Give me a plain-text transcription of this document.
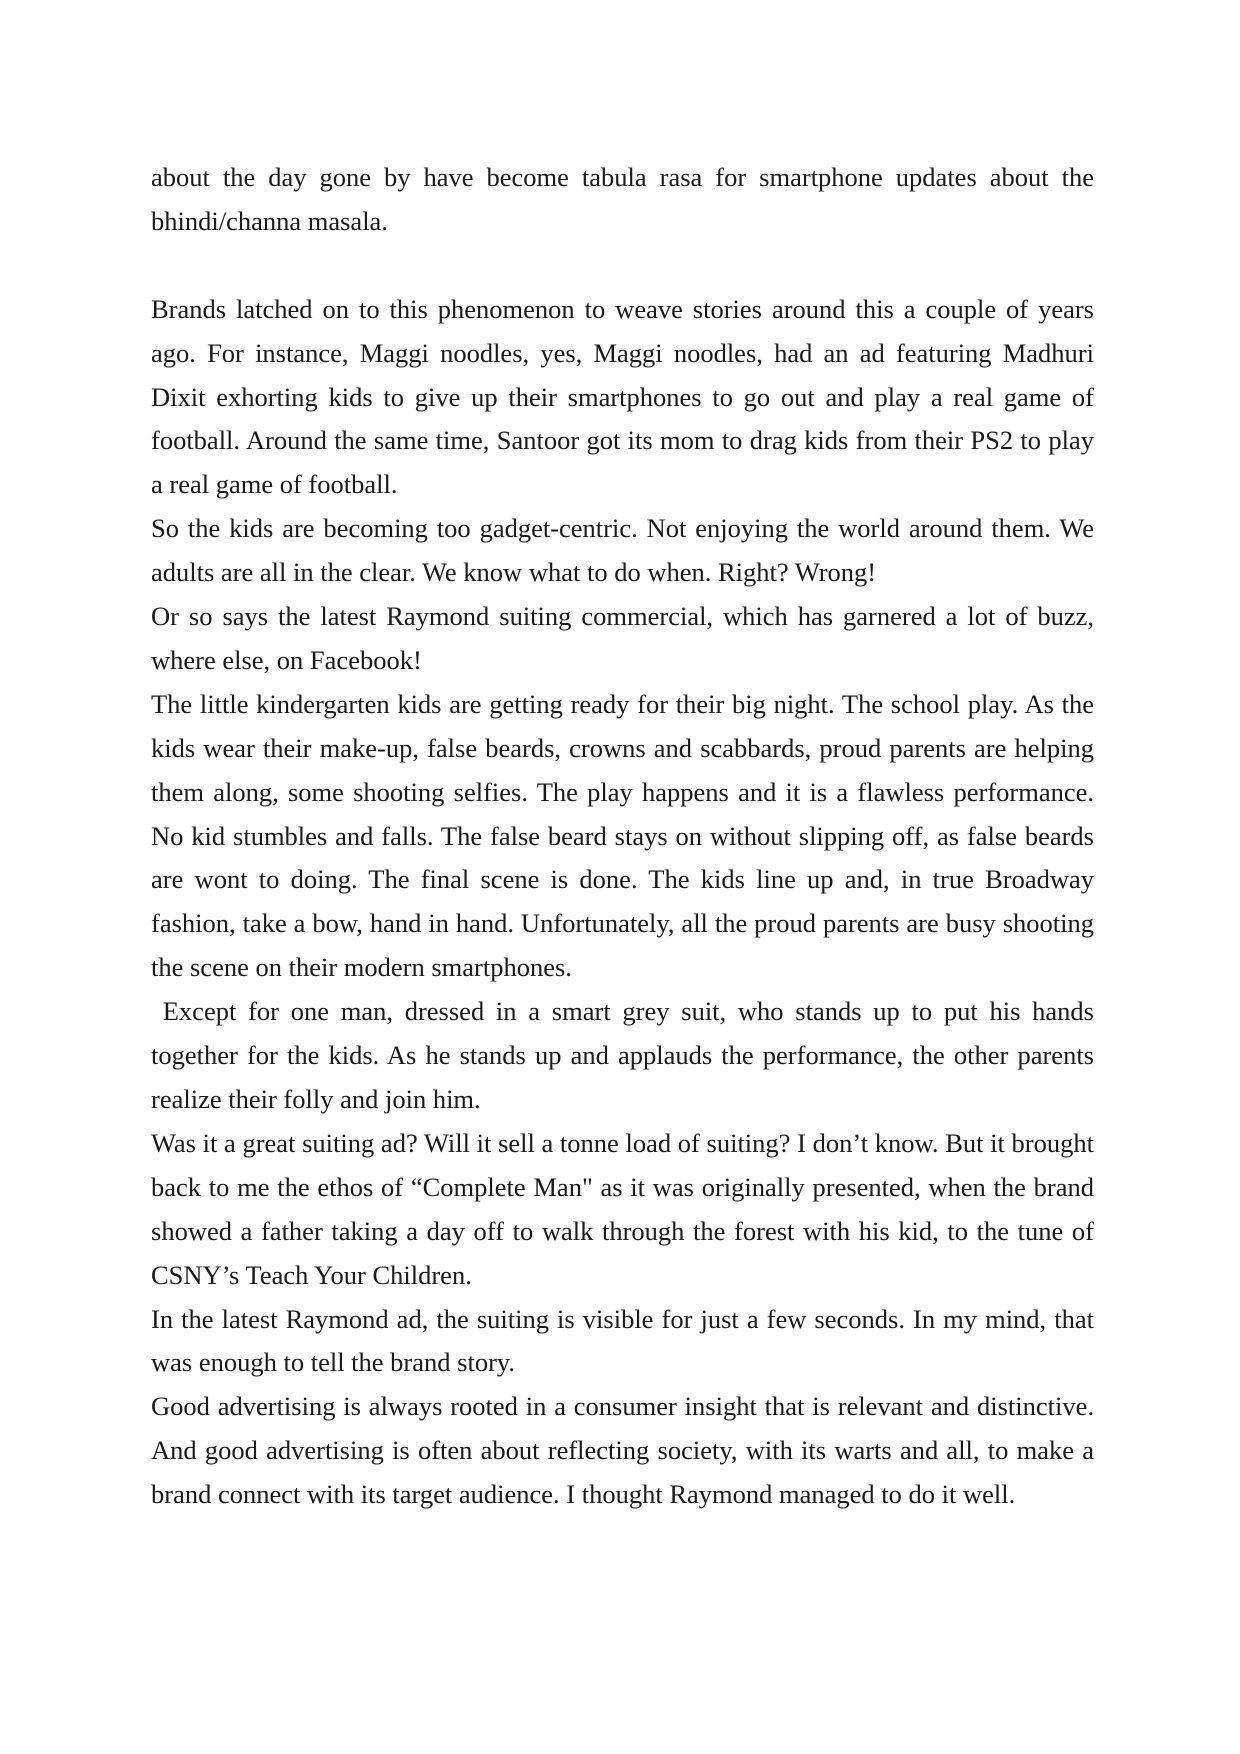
about the day gone by have become tabula rasa for smartphone updates about the bhindi/channa masala.

Brands latched on to this phenomenon to weave stories around this a couple of years ago. For instance, Maggi noodles, yes, Maggi noodles, had an ad featuring Madhuri Dixit exhorting kids to give up their smartphones to go out and play a real game of football. Around the same time, Santoor got its mom to drag kids from their PS2 to play a real game of football.

So the kids are becoming too gadget-centric. Not enjoying the world around them. We adults are all in the clear. We know what to do when. Right? Wrong!

Or so says the latest Raymond suiting commercial, which has garnered a lot of buzz, where else, on Facebook!

The little kindergarten kids are getting ready for their big night. The school play. As the kids wear their make-up, false beards, crowns and scabbards, proud parents are helping them along, some shooting selfies. The play happens and it is a flawless performance. No kid stumbles and falls. The false beard stays on without slipping off, as false beards are wont to doing. The final scene is done. The kids line up and, in true Broadway fashion, take a bow, hand in hand. Unfortunately, all the proud parents are busy shooting the scene on their modern smartphones.

Except for one man, dressed in a smart grey suit, who stands up to put his hands together for the kids. As he stands up and applauds the performance, the other parents realize their folly and join him.

Was it a great suiting ad? Will it sell a tonne load of suiting? I don’t know. But it brought back to me the ethos of “Complete Man" as it was originally presented, when the brand showed a father taking a day off to walk through the forest with his kid, to the tune of CSNY’s Teach Your Children.

In the latest Raymond ad, the suiting is visible for just a few seconds. In my mind, that was enough to tell the brand story.

Good advertising is always rooted in a consumer insight that is relevant and distinctive. And good advertising is often about reflecting society, with its warts and all, to make a brand connect with its target audience. I thought Raymond managed to do it well.
